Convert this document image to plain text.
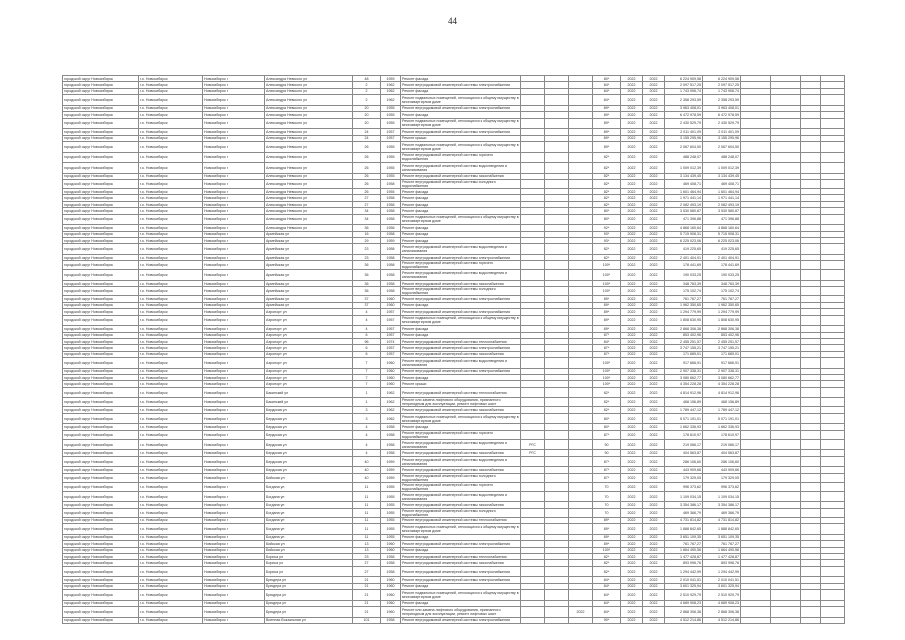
44
городской округ Новосибирск	г.о. Новосибирск	Новосибирск г	Александра Невского ул	48	1959	Ремонт фасада				80*	2022	2022	6 224 909,58	6 224 909,58				
городской округ Новосибирск	г.о. Новосибирск	Новосибирск г	Александра Невского ул	2	1962	Ремонт внутридомовой инженерной системы электроснабжения				84*	2022	2022	2 097 517,25	2 097 517,25				
городской округ Новосибирск	г.о. Новосибирск	Новосибирск г	Александра Невского ул	2	1962	Ремонт фасада				84*	2022	2022	1 743 906,74	1 743 906,74				
городской округ Новосибирск	г.о. Новосибирск	Новосибирск г	Александра Невского ул	2	1962	Ремонт подвальных помещений, относящихся к общему имуществу в многоквартирном доме				84*	2022	2022	2 358 293,59	2 358 293,59				
городской округ Новосибирск	г.о. Новосибирск	Новосибирск г	Александра Невского ул	20	1955	Ремонт внутридомовой инженерной системы электроснабжения				89*	2022	2022	3 963 408,01	3 963 408,01				
городской округ Новосибирск	г.о. Новосибирск	Новосибирск г	Александра Невского ул	20	1955	Ремонт фасада				89*	2022	2022	6 472 978,59	6 472 978,59				
городской округ Новосибирск	г.о. Новосибирск	Новосибирск г	Александра Невского ул	20	1955	Ремонт подвальных помещений, относящихся к общему имуществу в многоквартирном доме				89*	2022	2022	2 430 529,79	2 430 529,79				
городской округ Новосибирск	г.о. Новосибирск	Новосибирск г	Александра Невского ул	24	1957	Ремонт внутридомовой инженерной системы электроснабжения				89*	2022	2022	2 011 401,09	2 011 401,09				
городской округ Новосибирск	г.о. Новосибирск	Новосибирск г	Александра Невского ул	24	1957	Ремонт крыши				89*	2022	2022	3 155 295,96	3 155 295,96				
городской округ Новосибирск	г.о. Новосибирск	Новосибирск г	Александра Невского ул	26	1955	Ремонт подвальных помещений, относящихся к общему имуществу в многоквартирном доме				89*	2022	2022	2 067 604,50	2 067 604,50				
городской округ Новосибирск	г.о. Новосибирск	Новосибирск г	Александра Невского ул	26	1955	Ремонт внутридомовой инженерной системы горячего водоснабжения				82*	2022	2022	488 248,07	488 248,07				
городской округ Новосибирск	г.о. Новосибирск	Новосибирск г	Александра Невского ул	26	1955	Ремонт внутридомовой инженерной системы водоотведения и канализования				82*	2022	2022	1 009 012,39	1 009 012,39				
городской округ Новосибирск	г.о. Новосибирск	Новосибирск г	Александра Невского ул	26	1955	Ремонт внутридомовой инженерной системы газоснабжения				82*	2022	2022	3 134 439,45	3 134 439,45				
городской округ Новосибирск	г.о. Новосибирск	Новосибирск г	Александра Невского ул	26	1958	Ремонт внутридомовой инженерной системы холодного водоснабжения				82*	2022	2022	469 408,71	469 408,71				
городской округ Новосибирск	г.о. Новосибирск	Новосибирск г	Александра Невского ул	26	1955	Ремонт фасада				82*	2022	2022	1 601 464,94	1 601 464,94				
городской округ Новосибирск	г.о. Новосибирск	Новосибирск г	Александра Невского ул	27	1958	Ремонт фасада				82*	2022	2022	1 971 441,14	1 971 441,14				
городской округ Новосибирск	г.о. Новосибирск	Новосибирск г	Александра Невского ул	27	1958	Ремонт фасада				82*	2022	2022	2 082 493,19	2 082 493,19				
городской округ Новосибирск	г.о. Новосибирск	Новосибирск г	Александра Невского ул	34	1958	Ремонт фасада				80*	2022	2022	3 530 580,87	3 530 580,87				
городской округ Новосибирск	г.о. Новосибирск	Новосибирск г	Александра Невского ул	34	1958	Ремонт подвальных помещений, относящихся к общему имуществу в многоквартирном доме				80*	2022	2022	471 396,88	471 396,88				
городской округ Новосибирск	г.о. Новосибирск	Новосибирск г	Александра Невского ул	36	1956	Ремонт фасада				92*	2022	2022	4 868 160,64	4 868 160,64				
городской округ Новосибирск	г.о. Новосибирск	Новосибирск г	Армейская ул	16	1958	Ремонт фасада				93*	2022	2022	5 715 908,31	5 715 908,31				
городской округ Новосибирск	г.о. Новосибирск	Новосибирск г	Армейская ул	29	1959	Ремонт фасада				93*	2022	2022	6 225 023,06	6 225 023,06				
городской округ Новосибирск	г.о. Новосибирск	Новосибирск г	Армейская ул	23	1958	Ремонт внутридомовой инженерной системы водоотведения и канализования				82*	2022	2022	419 225,65	419 225,65				
городской округ Новосибирск	г.о. Новосибирск	Новосибирск г	Армейская ул	23	1958	Ремонт внутридомовой инженерной системы электроснабжения				82*	2022	2022	2 401 404,91	2 401 404,91				
городской округ Новосибирск	г.о. Новосибирск	Новосибирск г	Армейская ул	36	1958	Ремонт внутридомовой инженерной системы горячего водоснабжения				100*	2022	2022	178 441,69	178 441,69				
городской округ Новосибирск	г.о. Новосибирск	Новосибирск г	Армейская ул	36	1958	Ремонт внутридомовой инженерной системы водоотведения и канализования				100*	2022	2022	190 033,25	190 033,25				
городской округ Новосибирск	г.о. Новосибирск	Новосибирск г	Армейская ул	36	1958	Ремонт внутридомовой инженерной системы газоснабжения				100*	2022	2022	348 763,39	348 763,39				
городской округ Новосибирск	г.о. Новосибирск	Новосибирск г	Армейская ул	36	1958	Ремонт внутридомовой инженерной системы холодного водоснабжения				100*	2022	2022	175 102,74	175 102,74				
городской округ Новосибирск	г.о. Новосибирск	Новосибирск г	Армейская ул	37	1960	Ремонт внутридомовой инженерной системы электроснабжения				89*	2022	2022	761 767,27	761 767,27				
городской округ Новосибирск	г.о. Новосибирск	Новосибирск г	Армейская ул	37	1960	Ремонт фасада				89*	2022	2022	1 962 350,65	1 962 350,65				
городской округ Новосибирск	г.о. Новосибирск	Новосибирск г	Аэропорт ул	4	1957	Ремонт внутридомовой инженерной системы электроснабжения				89*	2022	2022	1 294 779,99	1 294 779,99				
городской округ Новосибирск	г.о. Новосибирск	Новосибирск г	Аэропорт ул	4	1957	Ремонт подвальных помещений, относящихся к общему имуществу в многоквартирном доме				89*	2022	2022	1 808 630,95	1 808 630,95				
городской округ Новосибирск	г.о. Новосибирск	Новосибирск г	Аэропорт ул	4	1957	Ремонт фасада				89*	2022	2022	2 868 306,38	2 868 306,38				
городской округ Новосибирск	г.о. Новосибирск	Новосибирск г	Аэропорт ул	6	1957	Ремонт фасада				87*	2022	2022	853 402,96	853 402,96				
городской округ Новосибирск	г.о. Новосибирск	Новосибирск г	Аэропорт ул	96	1974	Ремонт внутридомовой инженерной системы теплоснабжения				84*	2022	2022	2 455 251,57	2 455 251,57				
городской округ Новосибирск	г.о. Новосибирск	Новосибирск г	Аэропорт ул	6	1957	Ремонт внутридомовой инженерной системы электроснабжения				87*	2022	2022	3 747 155,21	3 747 155,21				
городской округ Новосибирск	г.о. Новосибирск	Новосибирск г	Аэропорт ул	6	1957	Ремонт внутридомовой инженерной системы газоснабжения				87*	2022	2022	171 689,01	171 689,01				
городской округ Новосибирск	г.о. Новосибирск	Новосибирск г	Аэропорт ул	7	1960	Ремонт внутридомовой инженерной системы водоотведения и канализования				100*	2022	2022	917 666,91	917 666,91				
городской округ Новосибирск	г.о. Новосибирск	Новосибирск г	Аэропорт ул	7	1960	Ремонт внутридомовой инженерной системы электроснабжения				100*	2022	2022	2 907 338,31	2 907 338,31				
городской округ Новосибирск	г.о. Новосибирск	Новосибирск г	Аэропорт ул	7	1960	Ремонт фасада				100*	2022	2022	3 080 662,77	3 080 662,77				
городской округ Новосибирск	г.о. Новосибирск	Новосибирск г	Аэропорт ул	7	1960	Ремонт крыши				100*	2022	2022	4 354 228,28	4 354 228,28				
городской округ Новосибирск	г.о. Новосибирск	Новосибирск г	Бакинский ул	1	1962	Ремонт внутридомовой инженерной системы теплоснабжения				82*	2022	2022	4 814 912,96	4 814 912,96				
городской округ Новосибирск	г.о. Новосибирск	Новосибирск г	Бакинский ул	1	1962	Ремонт или замена лифтового оборудования, признанного непригодным для эксплуатации, ремонт лифтовых шахт				82*	2022	2022	468 156,89	468 156,89				
городской округ Новосибирск	г.о. Новосибирск	Новосибирск г	Бердская ул	3	1962	Ремонт внутридомовой инженерной системы газоснабжения				82*	2022	2022	1 789 447,12	1 789 447,12				
городской округ Новосибирск	г.о. Новосибирск	Новосибирск г	Бердская ул	3	1962	Ремонт подвальных помещений, относящихся к общему имуществу в многоквартирном доме				80*	2022	2022	5 071 191,01	5 071 191,01				
городской округ Новосибирск	г.о. Новосибирск	Новосибирск г	Бердская ул	4	1958	Ремонт фасада				80*	2022	2022	1 662 336,93	1 662 336,93				
городской округ Новосибирск	г.о. Новосибирск	Новосибирск г	Бердская ул	4	1958	Ремонт внутридомовой инженерной системы горячего водоснабжения				87*	2022	2022	178 610,97	178 610,97				
городской округ Новосибирск	г.о. Новосибирск	Новосибирск г	Бердская ул	4	1958	Ремонт внутридомовой инженерной системы водоотведения и канализования	РГС			90	2022	2022	219 066,17	219 066,17				
городской округ Новосибирск	г.о. Новосибирск	Новосибирск г	Бердская ул	4	1958	Ремонт внутридомовой инженерной системы газоснабжения	РГС			90	2022	2022	404 563,87	404 563,87				
городской округ Новосибирск	г.о. Новосибирск	Новосибирск г	Бердская ул	40	1959	Ремонт внутридомовой инженерной системы водоотведения и канализования				87*	2022	2022	286 106,60	286 106,60				
городской округ Новосибирск	г.о. Новосибирск	Новосибирск г	Бердская ул	40	1959	Ремонт внутридомовой инженерной системы газоснабжения				87*	2022	2022	443 909,66	443 909,66				
городской округ Новосибирск	г.о. Новосибирск	Новосибирск г	Бийская ул	40	1959	Ремонт внутридомовой инженерной системы холодного водоснабжения				87*	2022	2022	179 329,05	179 329,05				
городской округ Новосибирск	г.о. Новосибирск	Новосибирск г	Богдана ул	11	1955	Ремонт внутридомовой инженерной системы горячего водоснабжения				70	2022	2022	996 373,62	996 373,62				
городской округ Новосибирск	г.о. Новосибирск	Новосибирск г	Богдана ул	11	1955	Ремонт внутридомовой инженерной системы водоотведения и канализования				70	2022	2022	1 109 034,15	1 109 034,15				
городской округ Новосибирск	г.о. Новосибирск	Новосибирск г	Богдана ул	11	1955	Ремонт внутридомовой инженерной системы газоснабжения				70	2022	2022	3 354 386,17	3 354 386,17				
городской округ Новосибирск	г.о. Новосибирск	Новосибирск г	Богдана ул	11	1955	Ремонт внутридомовой инженерной системы холодного водоснабжения				70	2022	2022	469 366,79	469 366,79				
городской округ Новосибирск	г.о. Новосибирск	Новосибирск г	Богдана ул	11	1955	Ремонт внутридомовой инженерной системы теплоснабжения				89*	2022	2022	4 731 814,82	4 731 814,82				
городской округ Новосибирск	г.о. Новосибирск	Новосибирск г	Богдана ул	11	1955	Ремонт подвальных помещений, относящихся к общему имуществу в многоквартирном доме				89*	2022	2022	1 888 842,65	1 888 842,65				
городской округ Новосибирск	г.о. Новосибирск	Новосибирск г	Богдана ул	11	1955	Ремонт фасада				89*	2022	2022	3 651 109,35	3 651 109,35				
городской округ Новосибирск	г.о. Новосибирск	Новосибирск г	Бийская ул	13	1960	Ремонт внутридомовой инженерной системы электроснабжения				89*	2022	2022	761 767,27	761 767,27				
городской округ Новосибирск	г.о. Новосибирск	Новосибирск г	Бийская ул	13	1960	Ремонт фасада				100*	2022	2022	1 664 490,56	1 664 490,56				
городской округ Новосибирск	г.о. Новосибирск	Новосибирск г	Бориса ул	23	1958	Ремонт внутридомовой инженерной системы теплоснабжения				82*	2022	2022	1 477 428,87	1 477 428,87				
городской округ Новосибирск	г.о. Новосибирск	Новосибирск г	Бориса ул	27	1958	Ремонт внутридомовой инженерной системы газоснабжения				82*	2022	2022	893 996,76	893 996,76				
городской округ Новосибирск	г.о. Новосибирск	Новосибирск г	Бориса ул	27	1958	Ремонт внутридомовой инженерной системы электроснабжения				82*	2022	2022	1 294 442,99	1 294 442,99				
городской округ Новосибирск	г.о. Новосибирск	Новосибирск г	Брюдера ул	21	1960	Ремонт внутридомовой инженерной системы электроснабжения				84*	2022	2022	2 010 041,51	2 010 041,51				
городской округ Новосибирск	г.о. Новосибирск	Новосибирск г	Брюдера ул	21	1960	Ремонт фасада				84*	2022	2022	3 601 325,94	3 601 325,94				
городской округ Новосибирск	г.о. Новосибирск	Новосибирск г	Брюдера ул	21	1960	Ремонт подвальных помещений, относящихся к общему имуществу в многоквартирном доме				84*	2022	2022	2 510 929,79	2 510 929,79				
городской округ Новосибирск	г.о. Новосибирск	Новосибирск г	Брюдера ул	21	1960	Ремонт фасада				84*	2022	2022	4 689 908,23	4 689 908,23				
городской округ Новосибирск	г.о. Новосибирск	Новосибирск г	Брюдера ул	21	1960	Ремонт или замена лифтового оборудования, признанного непригодным для эксплуатации, ремонт лифтовых шахт			2022	84*	2022	2022	2 868 306,38	2 868 306,38				
городской округ Новосибирск	г.о. Новосибирск	Новосибирск г	Военная Вокзальная ул	101	1958	Ремонт внутридомовой инженерной системы электроснабжения				90*	2022	2022	4 512 214,86	4 512 214,86				
